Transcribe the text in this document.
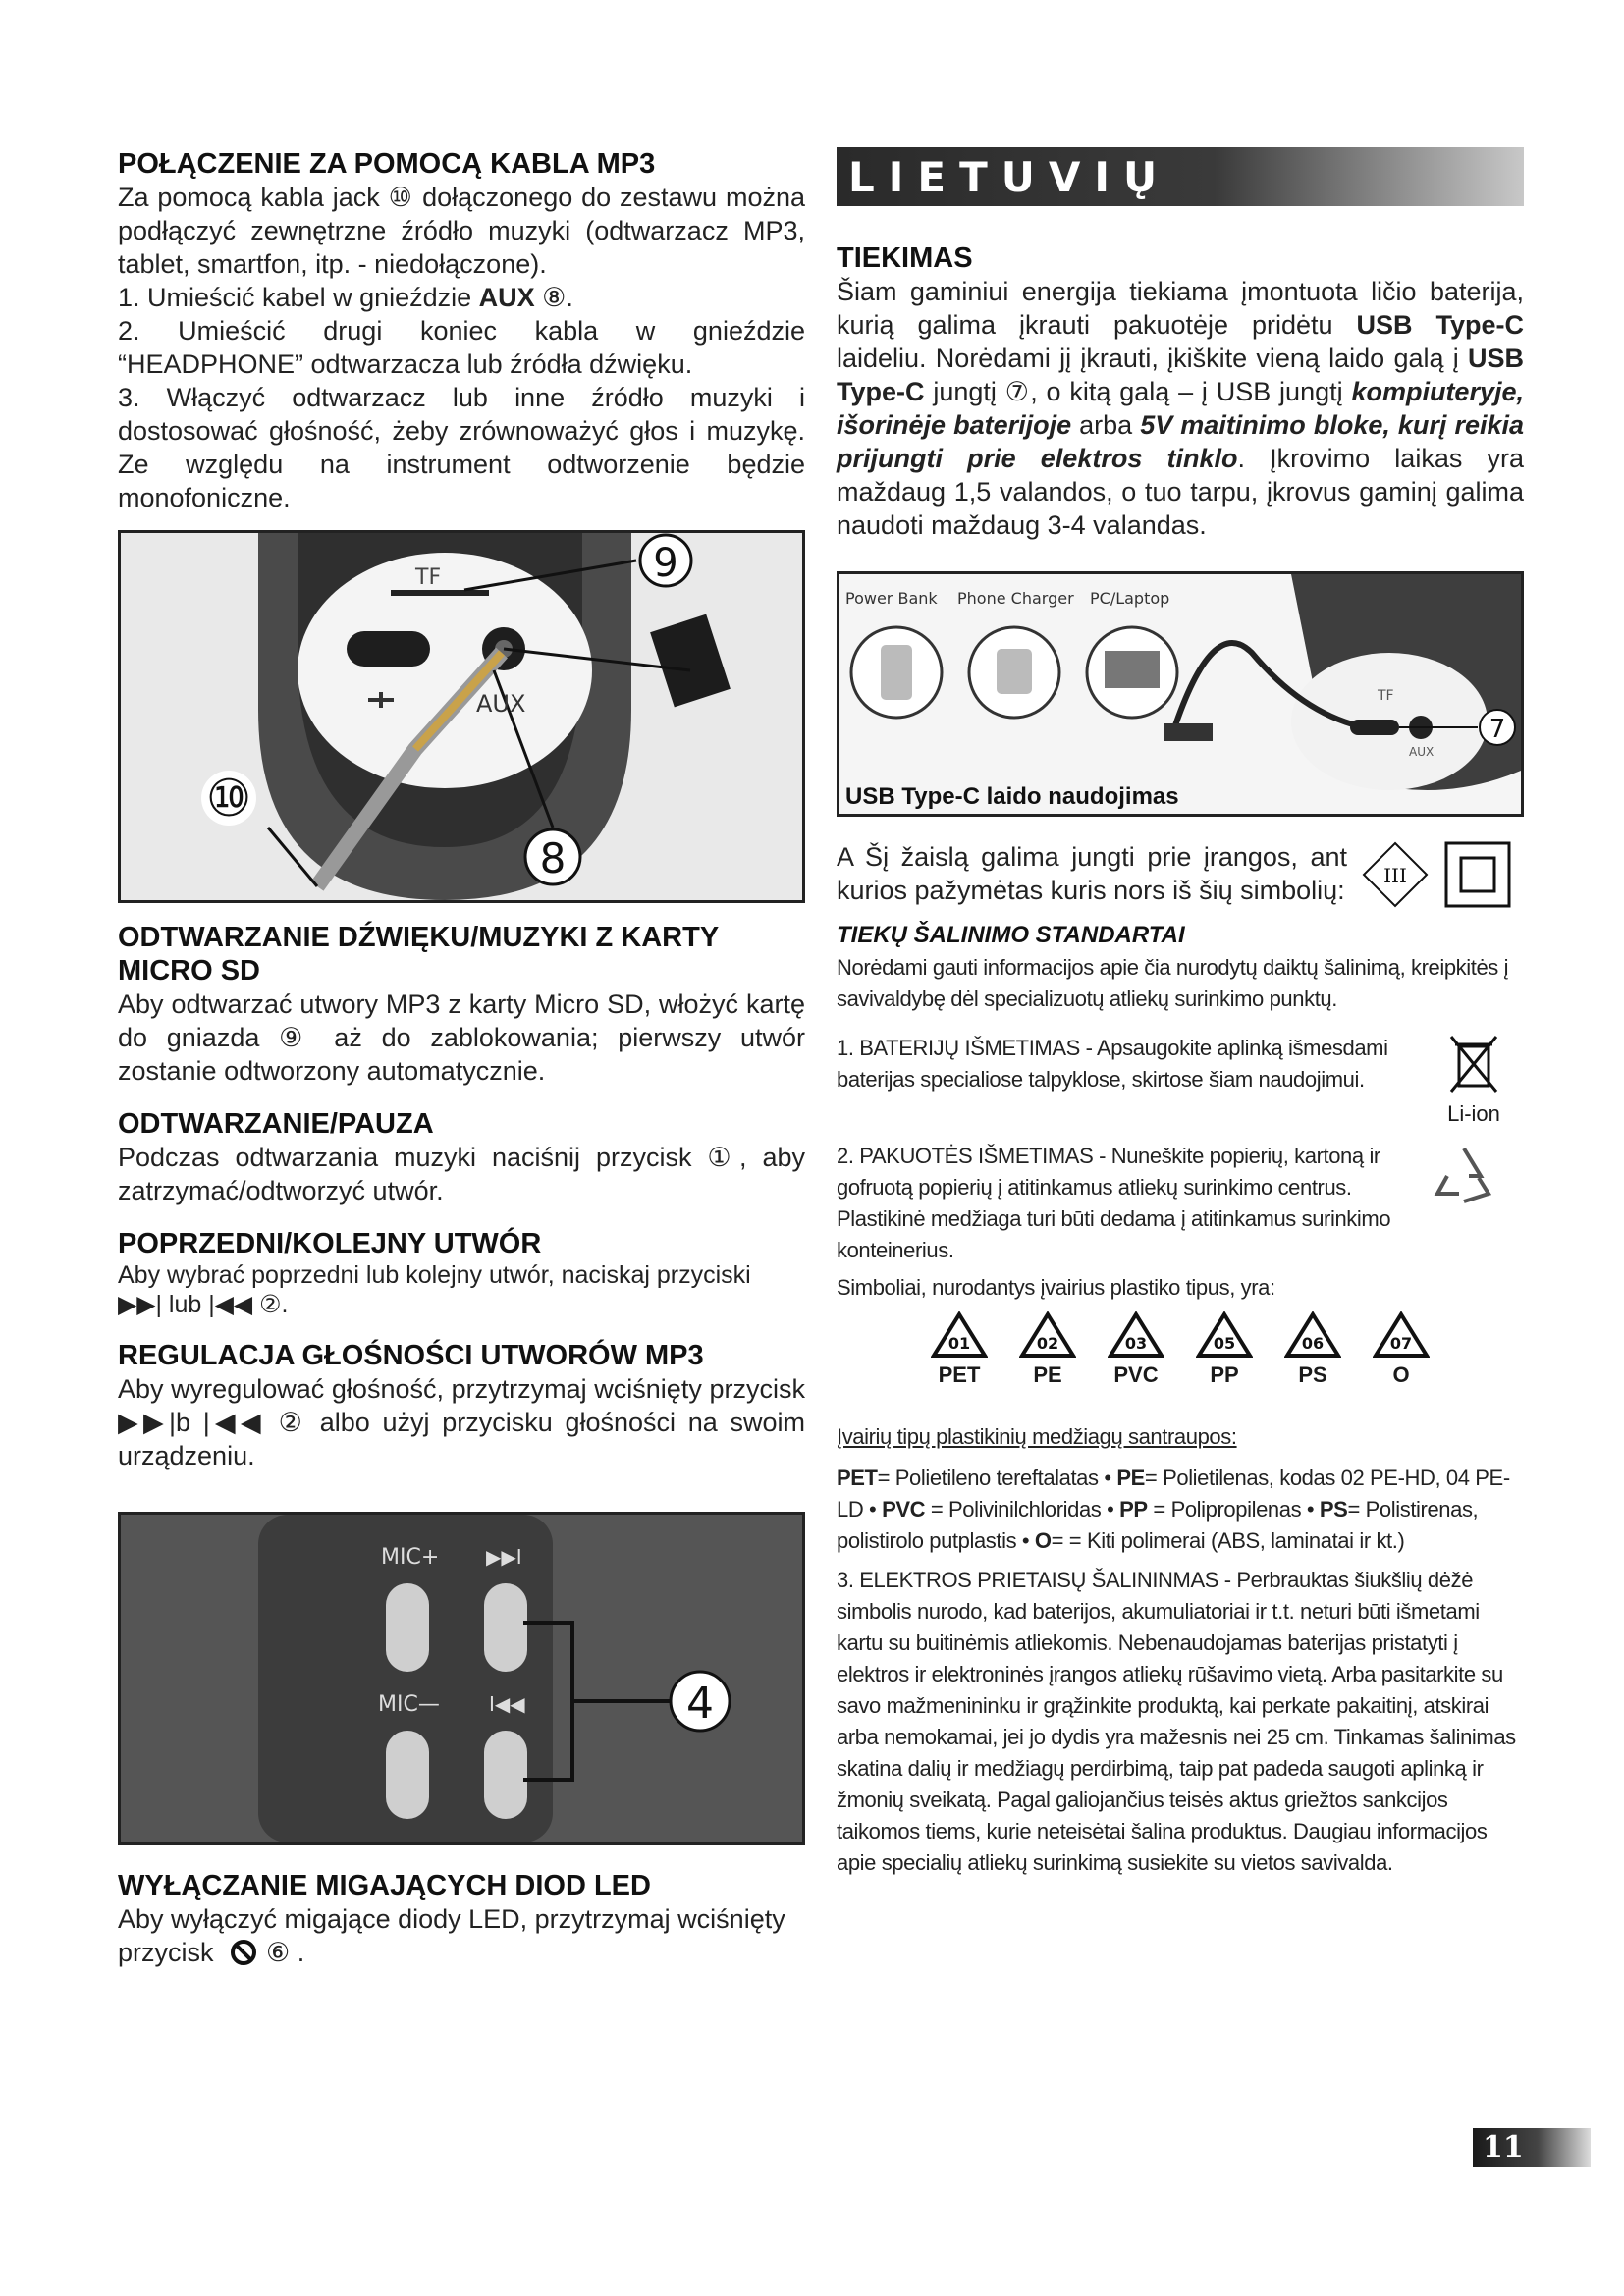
POŁĄCZENIE ZA POMOCĄ KABLA MP3

Za pomocą kabla jack ⑩ dołączonego do zestawu można podłączyć zewnętrzne źródło muzyki (odtwarzacz MP3, tablet, smartfon, itp. - niedołączone).

1. Umieścić kabel w gnieździe AUX ⑧.

2. Umieścić drugi koniec kabla w gnieździe “HEADPHONE” odtwarzacza lub źródła dźwięku.

3. Włączyć odtwarzacz lub inne źródło muzyki i dostosować głośność, żeby zrównoważyć głos i muzykę. Ze względu na instrument odtworzenie będzie monofoniczne.

TF
AUX
9
⑩
8
ODTWARZANIE DŹWIĘKU/MUZYKI Z KARTY MICRO SD

Aby odtwarzać utwory MP3 z karty Micro SD, włożyć kartę do gniazda ⑨ aż do zablokowania; pierwszy utwór zostanie odtworzony automatycznie.

ODTWARZANIE/PAUZA

Podczas odtwarzania muzyki naciśnij przycisk ①, aby zatrzymać/odtworzyć utwór.

POPRZEDNI/KOLEJNY UTWÓR

Aby wybrać poprzedni lub kolejny utwór, naciskaj przyciski
▶▶| lub |◀◀ ②.

REGULACJA GŁOŚNOŚCI UTWORÓW MP3

Aby wyregulować głośność, przytrzymaj wciśnięty przycisk ▶▶|b |◀◀ ② albo użyj przycisku głośności na swoim urządzeniu.

MIC+ ▶▶I
MIC—	I◀◀	4
WYŁĄCZANIE MIGAJĄCYCH DIOD LED

Aby wyłączyć migające diody LED, przytrzymaj wciśnięty
przycisk ⑥ .

LIETUVIŲ
TIEKIMAS

Šiam gaminiui energija tiekiama įmontuota ličio baterija, kurią galima įkrauti pakuotėje pridėtu USB Type-C laideliu. Norėdami jį įkrauti, įkiškite vieną laido galą į USB Type-C jungtį ⑦, o kitą galą – į USB jungtį kompiuteryje, išorinėje baterijoje arba 5V maitinimo bloke, kurį reikia prijungti prie elektros tinklo. Įkrovimo laikas yra maždaug 1,5 valandos, o tuo tarpu, įkrovus gaminį galima naudoti maždaug 3-4 valandas.

Power Bank Phone Charger PC/Laptop
TF
AUX
7
USB Type-C laido naudojimas

A Šį žaislą galima jungti prie įrangos, ant kurios pažymėtas kuris nors iš šių simbolių: III
TIEKŲ ŠALINIMO STANDARTAI

Norėdami gauti informacijos apie čia nurodytų daiktų šalinimą, kreipkitės į savivaldybę dėl specializuotų atliekų surinkimo punktų.

1. BATERIJŲ IŠMETIMAS - Apsaugokite aplinką išmesdami baterijas specialiose talpyklose, skirtose šiam naudojimui.

Li-ion

2. PAKUOTĖS IŠMETIMAS - Nuneškite popierių, kartoną ir gofruotą popierių į atitinkamus atliekų surinkimo centrus. Plastikinė medžiaga turi būti dedama į atitinkamus surinkimo konteinerius.

Simboliai, nurodantys įvairius plastiko tipus, yra:

01
PET
02
PE
03
PVC
05
PP
06
PS
07
O

Įvairių tipų plastikinių medžiagų santraupos:

PET= Polietileno tereftalatas • PE= Polietilenas, kodas 02 PE-HD, 04 PE-LD • PVC = Polivinilchloridas • PP = Polipropilenas • PS= Polistirenas, polistirolo putplastis • O= = Kiti polimerai (ABS, laminatai ir kt.)

3. ELEKTROS PRIETAISŲ ŠALININMAS - Perbrauktas šiukšlių dėžė simbolis nurodo, kad baterijos, akumuliatoriai ir t.t. neturi būti išmetami kartu su buitinėmis atliekomis. Nebenaudojamas baterijas pristatyti į elektros ir elektroninės įrangos atliekų rūšavimo vietą. Arba pasitarkite su savo mažmenininku ir grąžinkite produktą, kai perkate pakaitinį, atskirai arba nemokamai, jei jo dydis yra mažesnis nei 25 cm. Tinkamas šalinimas skatina dalių ir medžiagų perdirbimą, taip pat padeda saugoti aplinką ir žmonių sveikatą. Pagal galiojančius teisės aktus griežtos sankcijos taikomos tiems, kurie neteisėtai šalina produktus. Daugiau informacijos apie specialių atliekų surinkimą susiekite su vietos savivalda.

11
